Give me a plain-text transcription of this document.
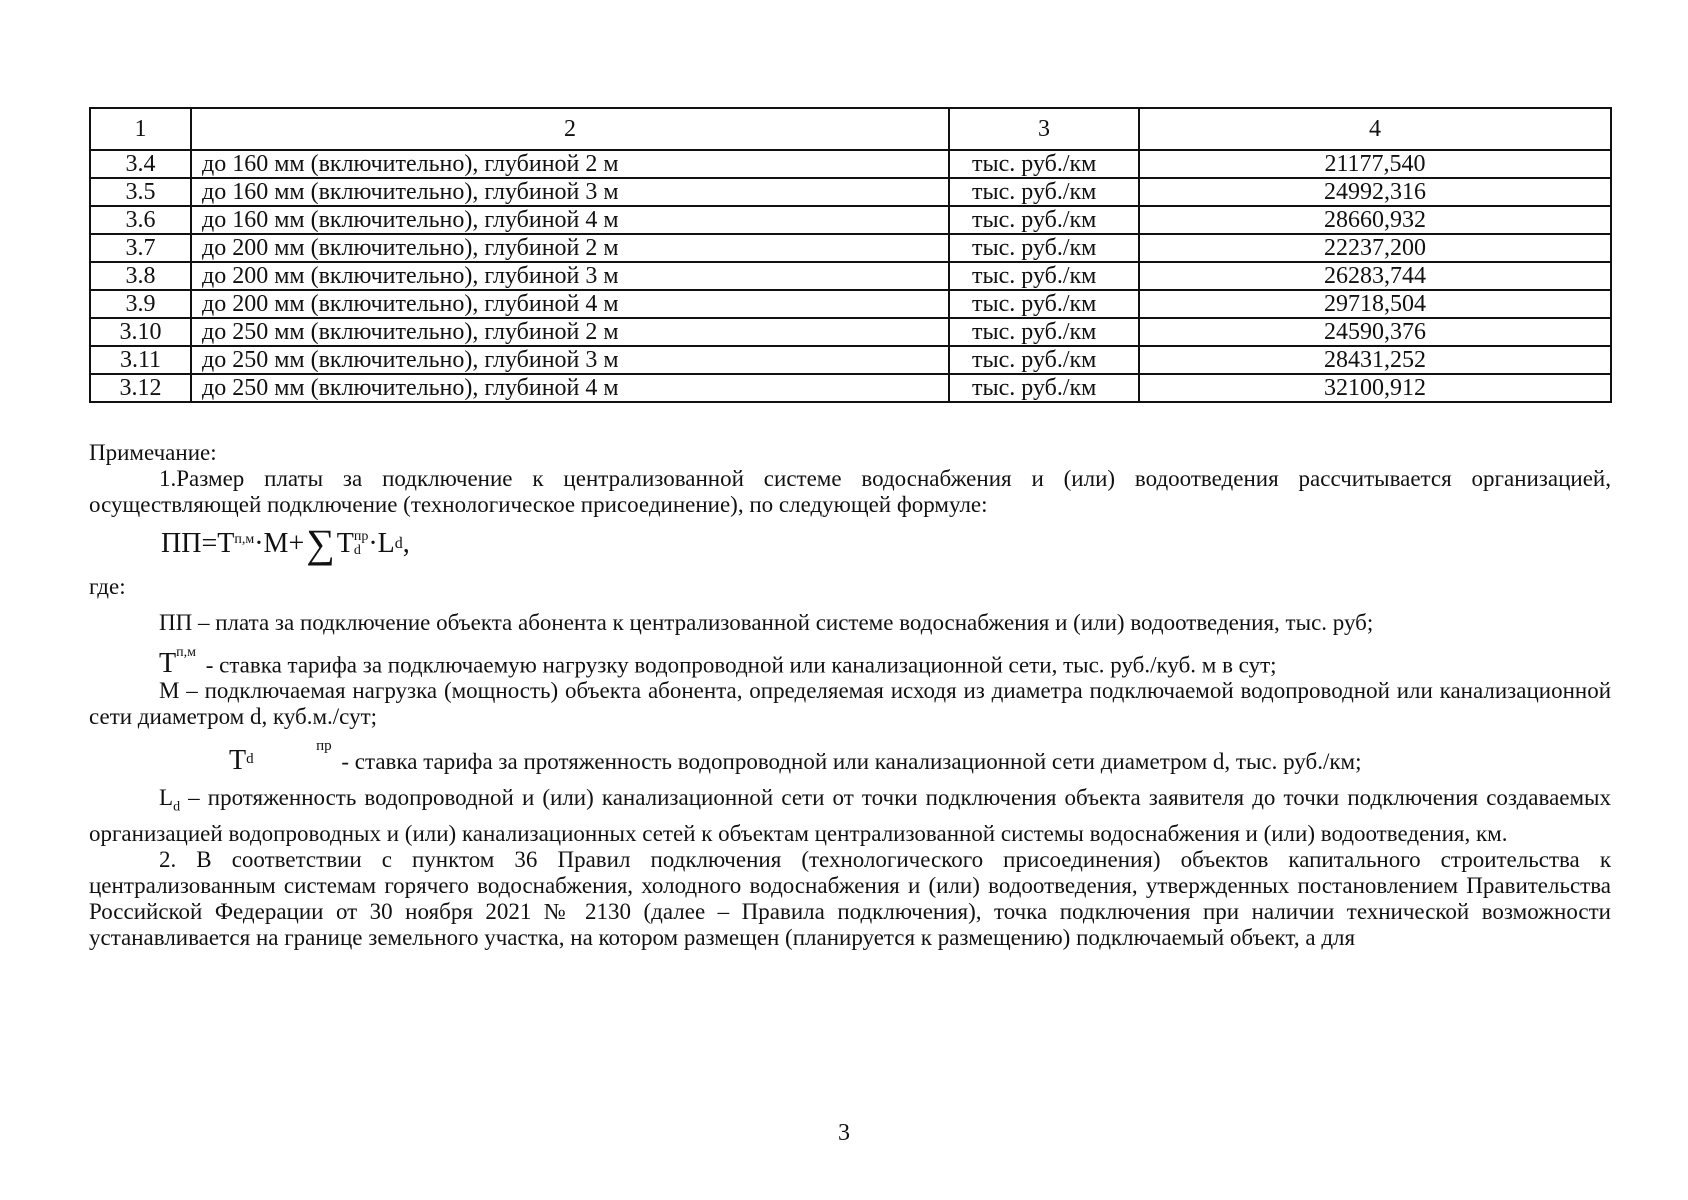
1	2	3	4
3.4	до 160 мм (включительно), глубиной 2 м	тыс. руб./км	21177,540
3.5	до 160 мм (включительно), глубиной 3 м	тыс. руб./км	24992,316
3.6	до 160 мм (включительно), глубиной 4 м	тыс. руб./км	28660,932
3.7	до 200 мм (включительно), глубиной 2 м	тыс. руб./км	22237,200
3.8	до 200 мм (включительно), глубиной 3 м	тыс. руб./км	26283,744
3.9	до 200 мм (включительно), глубиной 4 м	тыс. руб./км	29718,504
3.10	до 250 мм (включительно), глубиной 2 м	тыс. руб./км	24590,376
3.11	до 250 мм (включительно), глубиной 3 м	тыс. руб./км	28431,252
3.12	до 250 мм (включительно), глубиной 4 м	тыс. руб./км	32100,912

Примечание:

1.Размер платы за подключение к централизованной системе водоснабжения и (или) водоотведения рассчитывается организацией, осуществляющей подключение (технологическое присоединение), по следующей формуле:

ПП = $T^{п,м} \cdot M+$ ∑ T пр
d ·L d ,

где:

ПП – плата за подключение объекта абонента к централизованной системе водоснабжения и (или) водоотведения, тыс. руб;

$T^{п,м}$ - ставка тарифа за подключаемую нагрузку водопроводной или канализационной сети, тыс. руб./куб. м в сут;

M – подключаемая нагрузка (мощность) объекта абонента, определяемая исходя из диаметра подключаемой водопроводной или канализационной сети диаметром d, куб.м./сут;

T	пр
d	- ставка тарифа за протяженность водопроводной или канализационной сети диаметром d, тыс. руб./км;

$L_d$ – протяженность водопроводной и (или) канализационной сети от точки подключения объекта заявителя до точки подключения создаваемых организацией водопроводных и (или) канализационных сетей к объектам централизованной системы водоснабжения и (или) водоотведения, км.

2. В соответствии с пунктом 36 Правил подключения (технологического присоединения) объектов капитального строительства к централизованным системам горячего водоснабжения, холодного водоснабжения и (или) водоотведения, утвержденных постановлением Правительства Российской Федерации от 30 ноября 2021 № 2130 (далее – Правила подключения), точка подключения при наличии технической возможности устанавливается на границе земельного участка, на котором размещен (планируется к размещению) подключаемый объект, а для

3
